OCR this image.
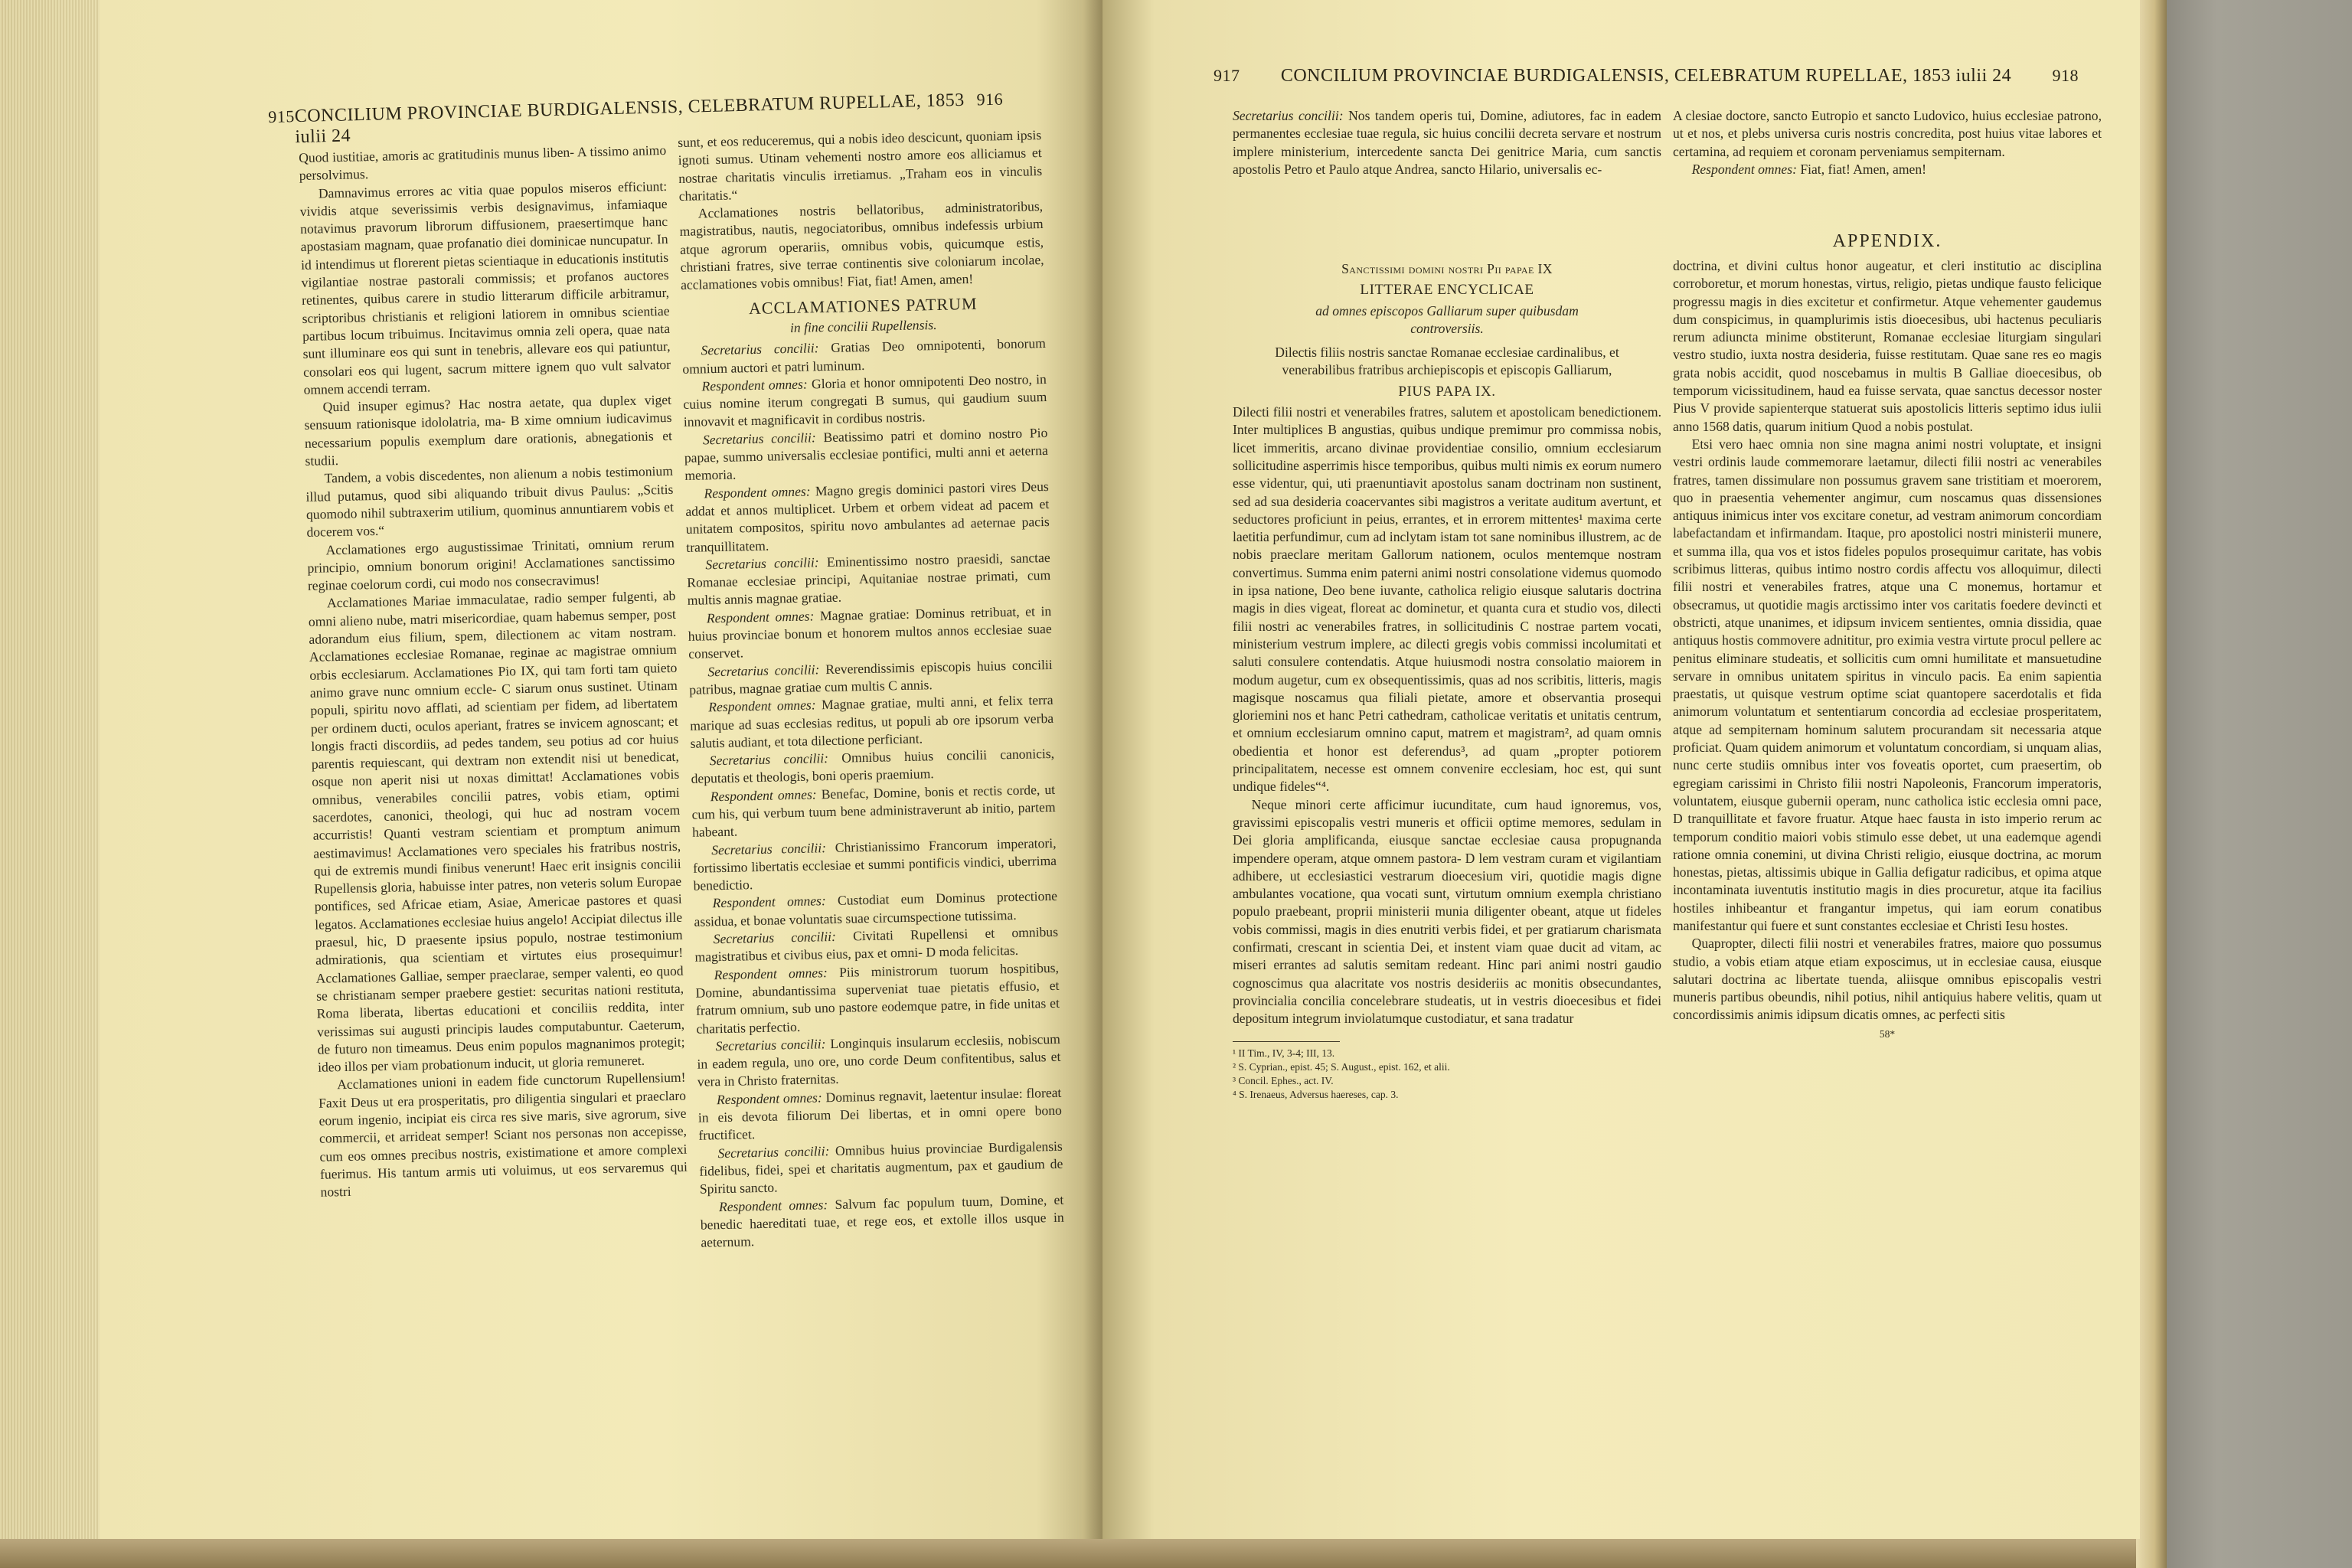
915 CONCILIUM PROVINCIAE BURDIGALENSIS, CELEBRATUM RUPELLAE, 1853 iulii 24
916

Quod iustitiae, amoris ac gratitudinis munus liben- A tissimo animo persolvimus.

Damnavimus errores ac vitia quae populos miseros efficiunt: vividis atque severissimis verbis designavimus, infamiaque notavimus pravorum librorum diffusionem, praesertimque hanc apostasiam magnam, quae profanatio diei dominicae nuncupatur. In id intendimus ut florerent pietas scientiaque in educationis institutis vigilantiae nostrae pastorali commissis; et profanos auctores retinentes, quibus carere in studio litterarum difficile arbitramur, scriptoribus christianis et religioni latiorem in omnibus scientiae partibus locum tribuimus. Incitavimus omnia zeli opera, quae nata sunt illuminare eos qui sunt in tenebris, allevare eos qui patiuntur, consolari eos qui lugent, sacrum mittere ignem quo vult salvator omnem accendi terram.

Quid insuper egimus? Hac nostra aetate, qua duplex viget sensuum rationisque idololatria, ma- B xime omnium iudicavimus necessarium populis exemplum dare orationis, abnegationis et studii.

Tandem, a vobis discedentes, non alienum a nobis testimonium illud putamus, quod sibi aliquando tribuit divus Paulus: „Scitis quomodo nihil subtraxerim utilium, quominus annuntiarem vobis et docerem vos.“

Acclamationes ergo augustissimae Trinitati, omnium rerum principio, omnium bonorum origini! Acclamationes sanctissimo reginae coelorum cordi, cui modo nos consecravimus!

Acclamationes Mariae immaculatae, radio semper fulgenti, ab omni alieno nube, matri misericordiae, quam habemus semper, post adorandum eius filium, spem, dilectionem ac vitam nostram. Acclamationes ecclesiae Romanae, reginae ac magistrae omnium orbis ecclesiarum. Acclamationes Pio IX, qui tam forti tam quieto animo grave nunc omnium eccle- C siarum onus sustinet. Utinam populi, spiritu novo afflati, ad scientiam per fidem, ad libertatem per ordinem ducti, oculos aperiant, fratres se invicem agnoscant; et longis fracti discordiis, ad pedes tandem, seu potius ad cor huius parentis requiescant, qui dextram non extendit nisi ut benedicat, osque non aperit nisi ut noxas dimittat! Acclamationes vobis omnibus, venerabiles concilii patres, vobis etiam, optimi sacerdotes, canonici, theologi, qui huc ad nostram vocem accurristis! Quanti vestram scientiam et promptum animum aestimavimus! Acclamationes vero speciales his fratribus nostris, qui de extremis mundi finibus venerunt! Haec erit insignis concilii Rupellensis gloria, habuisse inter patres, non veteris solum Europae pontifices, sed Africae etiam, Asiae, Americae pastores et quasi legatos. Acclamationes ecclesiae huius angelo! Accipiat dilectus ille praesul, hic, D praesente ipsius populo, nostrae testimonium admirationis, qua scientiam et virtutes eius prosequimur! Acclamationes Galliae, semper praeclarae, semper valenti, eo quod se christianam semper praebere gestiet: securitas nationi restituta, Roma liberata, libertas educationi et conciliis reddita, inter verissimas sui augusti principis laudes computabuntur. Caeterum, de futuro non timeamus. Deus enim populos magnanimos protegit; ideo illos per viam probationum inducit, ut gloria remuneret.

Acclamationes unioni in eadem fide cunctorum Rupellensium! Faxit Deus ut era prosperitatis, pro diligentia singulari et praeclaro eorum ingenio, incipiat eis circa res sive maris, sive agrorum, sive commercii, et arrideat semper! Sciant nos personas non accepisse, cum eos omnes precibus nostris, existimatione et amore complexi fuerimus. His tantum armis uti voluimus, ut eos servaremus qui nostri

sunt, et eos reduceremus, qui a nobis ideo descicunt, quoniam ipsis ignoti sumus. Utinam vehementi nostro amore eos alliciamus et nostrae charitatis vinculis irretiamus. „Traham eos in vinculis charitatis.“

Acclamationes nostris bellatoribus, administratoribus, magistratibus, nautis, negociatoribus, omnibus indefessis urbium atque agrorum operariis, omnibus vobis, quicumque estis, christiani fratres, sive terrae continentis sive coloniarum incolae, acclamationes vobis omnibus! Fiat, fiat! Amen, amen!

ACCLAMATIONES PATRUM
in fine concilii Rupellensis.

Secretarius concilii: Gratias Deo omnipotenti, bonorum omnium auctori et patri luminum.

Respondent omnes: Gloria et honor omnipotenti Deo nostro, in cuius nomine iterum congregati B sumus, qui gaudium suum innovavit et magnificavit in cordibus nostris.

Secretarius concilii: Beatissimo patri et domino nostro Pio papae, summo universalis ecclesiae pontifici, multi anni et aeterna memoria.

Respondent omnes: Magno gregis dominici pastori vires Deus addat et annos multiplicet. Urbem et orbem videat ad pacem et unitatem compositos, spiritu novo ambulantes ad aeternae pacis tranquillitatem.

Secretarius concilii: Eminentissimo nostro praesidi, sanctae Romanae ecclesiae principi, Aquitaniae nostrae primati, cum multis annis magnae gratiae.

Respondent omnes: Magnae gratiae: Dominus retribuat, et in huius provinciae bonum et honorem multos annos ecclesiae suae conservet.

Secretarius concilii: Reverendissimis episcopis huius concilii patribus, magnae gratiae cum multis C annis.

Respondent omnes: Magnae gratiae, multi anni, et felix terra marique ad suas ecclesias reditus, ut populi ab ore ipsorum verba salutis audiant, et tota dilectione perficiant.

Secretarius concilii: Omnibus huius concilii canonicis, deputatis et theologis, boni operis praemium.

Respondent omnes: Benefac, Domine, bonis et rectis corde, ut cum his, qui verbum tuum bene administraverunt ab initio, partem habeant.

Secretarius concilii: Christianissimo Francorum imperatori, fortissimo libertatis ecclesiae et summi pontificis vindici, uberrima benedictio.

Respondent omnes: Custodiat eum Dominus protectione assidua, et bonae voluntatis suae circumspectione tutissima.

Secretarius concilii: Civitati Rupellensi et omnibus magistratibus et civibus eius, pax et omni- D moda felicitas.

Respondent omnes: Piis ministrorum tuorum hospitibus, Domine, abundantissima superveniat tuae pietatis effusio, et fratrum omnium, sub uno pastore eodemque patre, in fide unitas et charitatis perfectio.

Secretarius concilii: Longinquis insularum ecclesiis, nobiscum in eadem regula, uno ore, uno corde Deum confitentibus, salus et vera in Christo fraternitas.

Respondent omnes: Dominus regnavit, laetentur insulae: floreat in eis devota filiorum Dei libertas, et in omni opere bono fructificet.

Secretarius concilii: Omnibus huius provinciae Burdigalensis fidelibus, fidei, spei et charitatis augmentum, pax et gaudium de Spiritu sancto.

Respondent omnes: Salvum fac populum tuum, Domine, et benedic haereditati tuae, et rege eos, et extolle illos usque in aeternum.

917 CONCILIUM PROVINCIAE BURDIGALENSIS, CELEBRATUM RUPELLAE, 1853 iulii 24 918

Secretarius concilii: Nos tandem operis tui, Domine, adiutores, fac in eadem permanentes ecclesiae tuae regula, sic huius concilii decreta servare et nostrum implere ministerium, intercedente sancta Dei genitrice Maria, cum sanctis apostolis Petro et Paulo atque Andrea, sancto Hilario, universalis ec-

A clesiae doctore, sancto Eutropio et sancto Ludovico, huius ecclesiae patrono, ut et nos, et plebs universa curis nostris concredita, post huius vitae labores et certamina, ad requiem et coronam perveniamus sempiternam.

Respondent omnes: Fiat, fiat! Amen, amen!

APPENDIX.
Sanctissimi domini nostri Pii papae IX
LITTERAE ENCYCLICAE
ad omnes episcopos Galliarum super quibusdam controversiis.

Dilectis filiis nostris sanctae Romanae ecclesiae cardinalibus, et venerabilibus fratribus archiepiscopis et episcopis Galliarum,

PIUS PAPA IX.

Dilecti filii nostri et venerabiles fratres, salutem et apostolicam benedictionem. Inter multiplices B angustias, quibus undique premimur pro commissa nobis, licet immeritis, arcano divinae providentiae consilio, omnium ecclesiarum sollicitudine asperrimis hisce temporibus, quibus multi nimis ex eorum numero esse videntur, qui, uti praenuntiavit apostolus sanam doctrinam non sustinent, sed ad sua desideria coacervantes sibi magistros a veritate auditum avertunt, et seductores proficiunt in peius, errantes, et in errorem mittentes¹ maxima certe laetitia perfundimur, cum ad inclytam istam tot sane nominibus illustrem, ac de nobis praeclare meritam Gallorum nationem, oculos mentemque nostram convertimus. Summa enim paterni animi nostri consolatione videmus quomodo in ipsa natione, Deo bene iuvante, catholica religio eiusque salutaris doctrina magis in dies vigeat, floreat ac dominetur, et quanta cura et studio vos, dilecti filii nostri ac venerabiles fratres, in sollicitudinis C nostrae partem vocati, ministerium vestrum implere, ac dilecti gregis vobis commissi incolumitati et saluti consulere contendatis. Atque huiusmodi nostra consolatio maiorem in modum augetur, cum ex obsequentissimis, quas ad nos scribitis, litteris, magis magisque noscamus qua filiali pietate, amore et observantia prosequi gloriemini nos et hanc Petri cathedram, catholicae veritatis et unitatis centrum, et omnium ecclesiarum omnino caput, matrem et magistram², ad quam omnis obedientia et honor est deferendus³, ad quam „propter potiorem principalitatem, necesse est omnem convenire ecclesiam, hoc est, qui sunt undique fideles“⁴.

Neque minori certe afficimur iucunditate, cum haud ignoremus, vos, gravissimi episcopalis vestri muneris et officii optime memores, sedulam in Dei gloria amplificanda, eiusque sanctae ecclesiae causa propugnanda impendere operam, atque omnem pastora- D lem vestram curam et vigilantiam adhibere, ut ecclesiastici vestrarum dioecesium viri, quotidie magis digne ambulantes vocatione, qua vocati sunt, virtutum omnium exempla christiano populo praebeant, proprii ministerii munia diligenter obeant, atque ut fideles vobis commissi, magis in dies enutriti verbis fidei, et per gratiarum charismata confirmati, crescant in scientia Dei, et instent viam quae ducit ad vitam, ac miseri errantes ad salutis semitam redeant. Hinc pari animi nostri gaudio cognoscimus qua alacritate vos nostris desideriis ac monitis obsecundantes, provincialia concilia concelebrare studeatis, ut in vestris dioecesibus et fidei depositum integrum inviolatumque custodiatur, et sana tradatur

¹ II Tim., IV, 3-4; III, 13.
² S. Cyprian., epist. 45; S. August., epist. 162, et alii.
³ Concil. Ephes., act. IV.
⁴ S. Irenaeus, Adversus haereses, cap. 3.

doctrina, et divini cultus honor augeatur, et cleri institutio ac disciplina corroboretur, et morum honestas, virtus, religio, pietas undique fausto felicique progressu magis in dies excitetur et confirmetur. Atque vehementer gaudemus dum conspicimus, in quamplurimis istis dioecesibus, ubi hactenus peculiaris rerum adiuncta minime obstiterunt, Romanae ecclesiae liturgiam singulari vestro studio, iuxta nostra desideria, fuisse restitutam. Quae sane res eo magis grata nobis accidit, quod noscebamus in multis B Galliae dioecesibus, ob temporum vicissitudinem, haud ea fuisse servata, quae sanctus decessor noster Pius V provide sapienterque statuerat suis apostolicis litteris septimo idus iulii anno 1568 datis, quarum initium Quod a nobis postulat.

Etsi vero haec omnia non sine magna animi nostri voluptate, et insigni vestri ordinis laude commemorare laetamur, dilecti filii nostri ac venerabiles fratres, tamen dissimulare non possumus gravem sane tristitiam et moerorem, quo in praesentia vehementer angimur, cum noscamus quas dissensiones antiquus inimicus inter vos excitare conetur, ad vestram animorum concordiam labefactandam et infirmandam. Itaque, pro apostolici nostri ministerii munere, et summa illa, qua vos et istos fideles populos prosequimur caritate, has vobis scribimus litteras, quibus intimo nostro cordis affectu vos alloquimur, dilecti filii nostri et venerabiles fratres, atque una C monemus, hortamur et obsecramus, ut quotidie magis arctissimo inter vos caritatis foedere devincti et obstricti, atque unanimes, et idipsum invicem sentientes, omnia dissidia, quae antiquus hostis commovere adnititur, pro eximia vestra virtute procul pellere ac penitus eliminare studeatis, et sollicitis cum omni humilitate et mansuetudine servare in omnibus unitatem spiritus in vinculo pacis. Ea enim sapientia praestatis, ut quisque vestrum optime sciat quantopere sacerdotalis et fida animorum voluntatum et sententiarum concordia ad ecclesiae prosperitatem, atque ad sempiternam hominum salutem procurandam sit necessaria atque proficiat. Quam quidem animorum et voluntatum concordiam, si unquam alias, nunc certe studiis omnibus inter vos foveatis oportet, cum praesertim, ob egregiam carissimi in Christo filii nostri Napoleonis, Francorum imperatoris, voluntatem, eiusque gubernii operam, nunc catholica istic ecclesia omni pace, D tranquillitate et favore fruatur. Atque haec fausta in isto imperio rerum ac temporum conditio maiori vobis stimulo esse debet, ut una eademque agendi ratione omnia conemini, ut divina Christi religio, eiusque doctrina, ac morum honestas, pietas, altissimis ubique in Gallia defigatur radicibus, et opima atque incontaminata iuventutis institutio magis in dies procuretur, atque ita facilius hostiles inhibeantur et frangantur impetus, qui iam eorum conatibus manifestantur qui fuere et sunt constantes ecclesiae et Christi Iesu hostes.

Quapropter, dilecti filii nostri et venerabiles fratres, maiore quo possumus studio, a vobis etiam atque etiam exposcimus, ut in ecclesiae causa, eiusque salutari doctrina ac libertate tuenda, aliisque omnibus episcopalis vestri muneris partibus obeundis, nihil potius, nihil antiquius habere velitis, quam ut concordissimis animis idipsum dicatis omnes, ac perfecti sitis

58*
